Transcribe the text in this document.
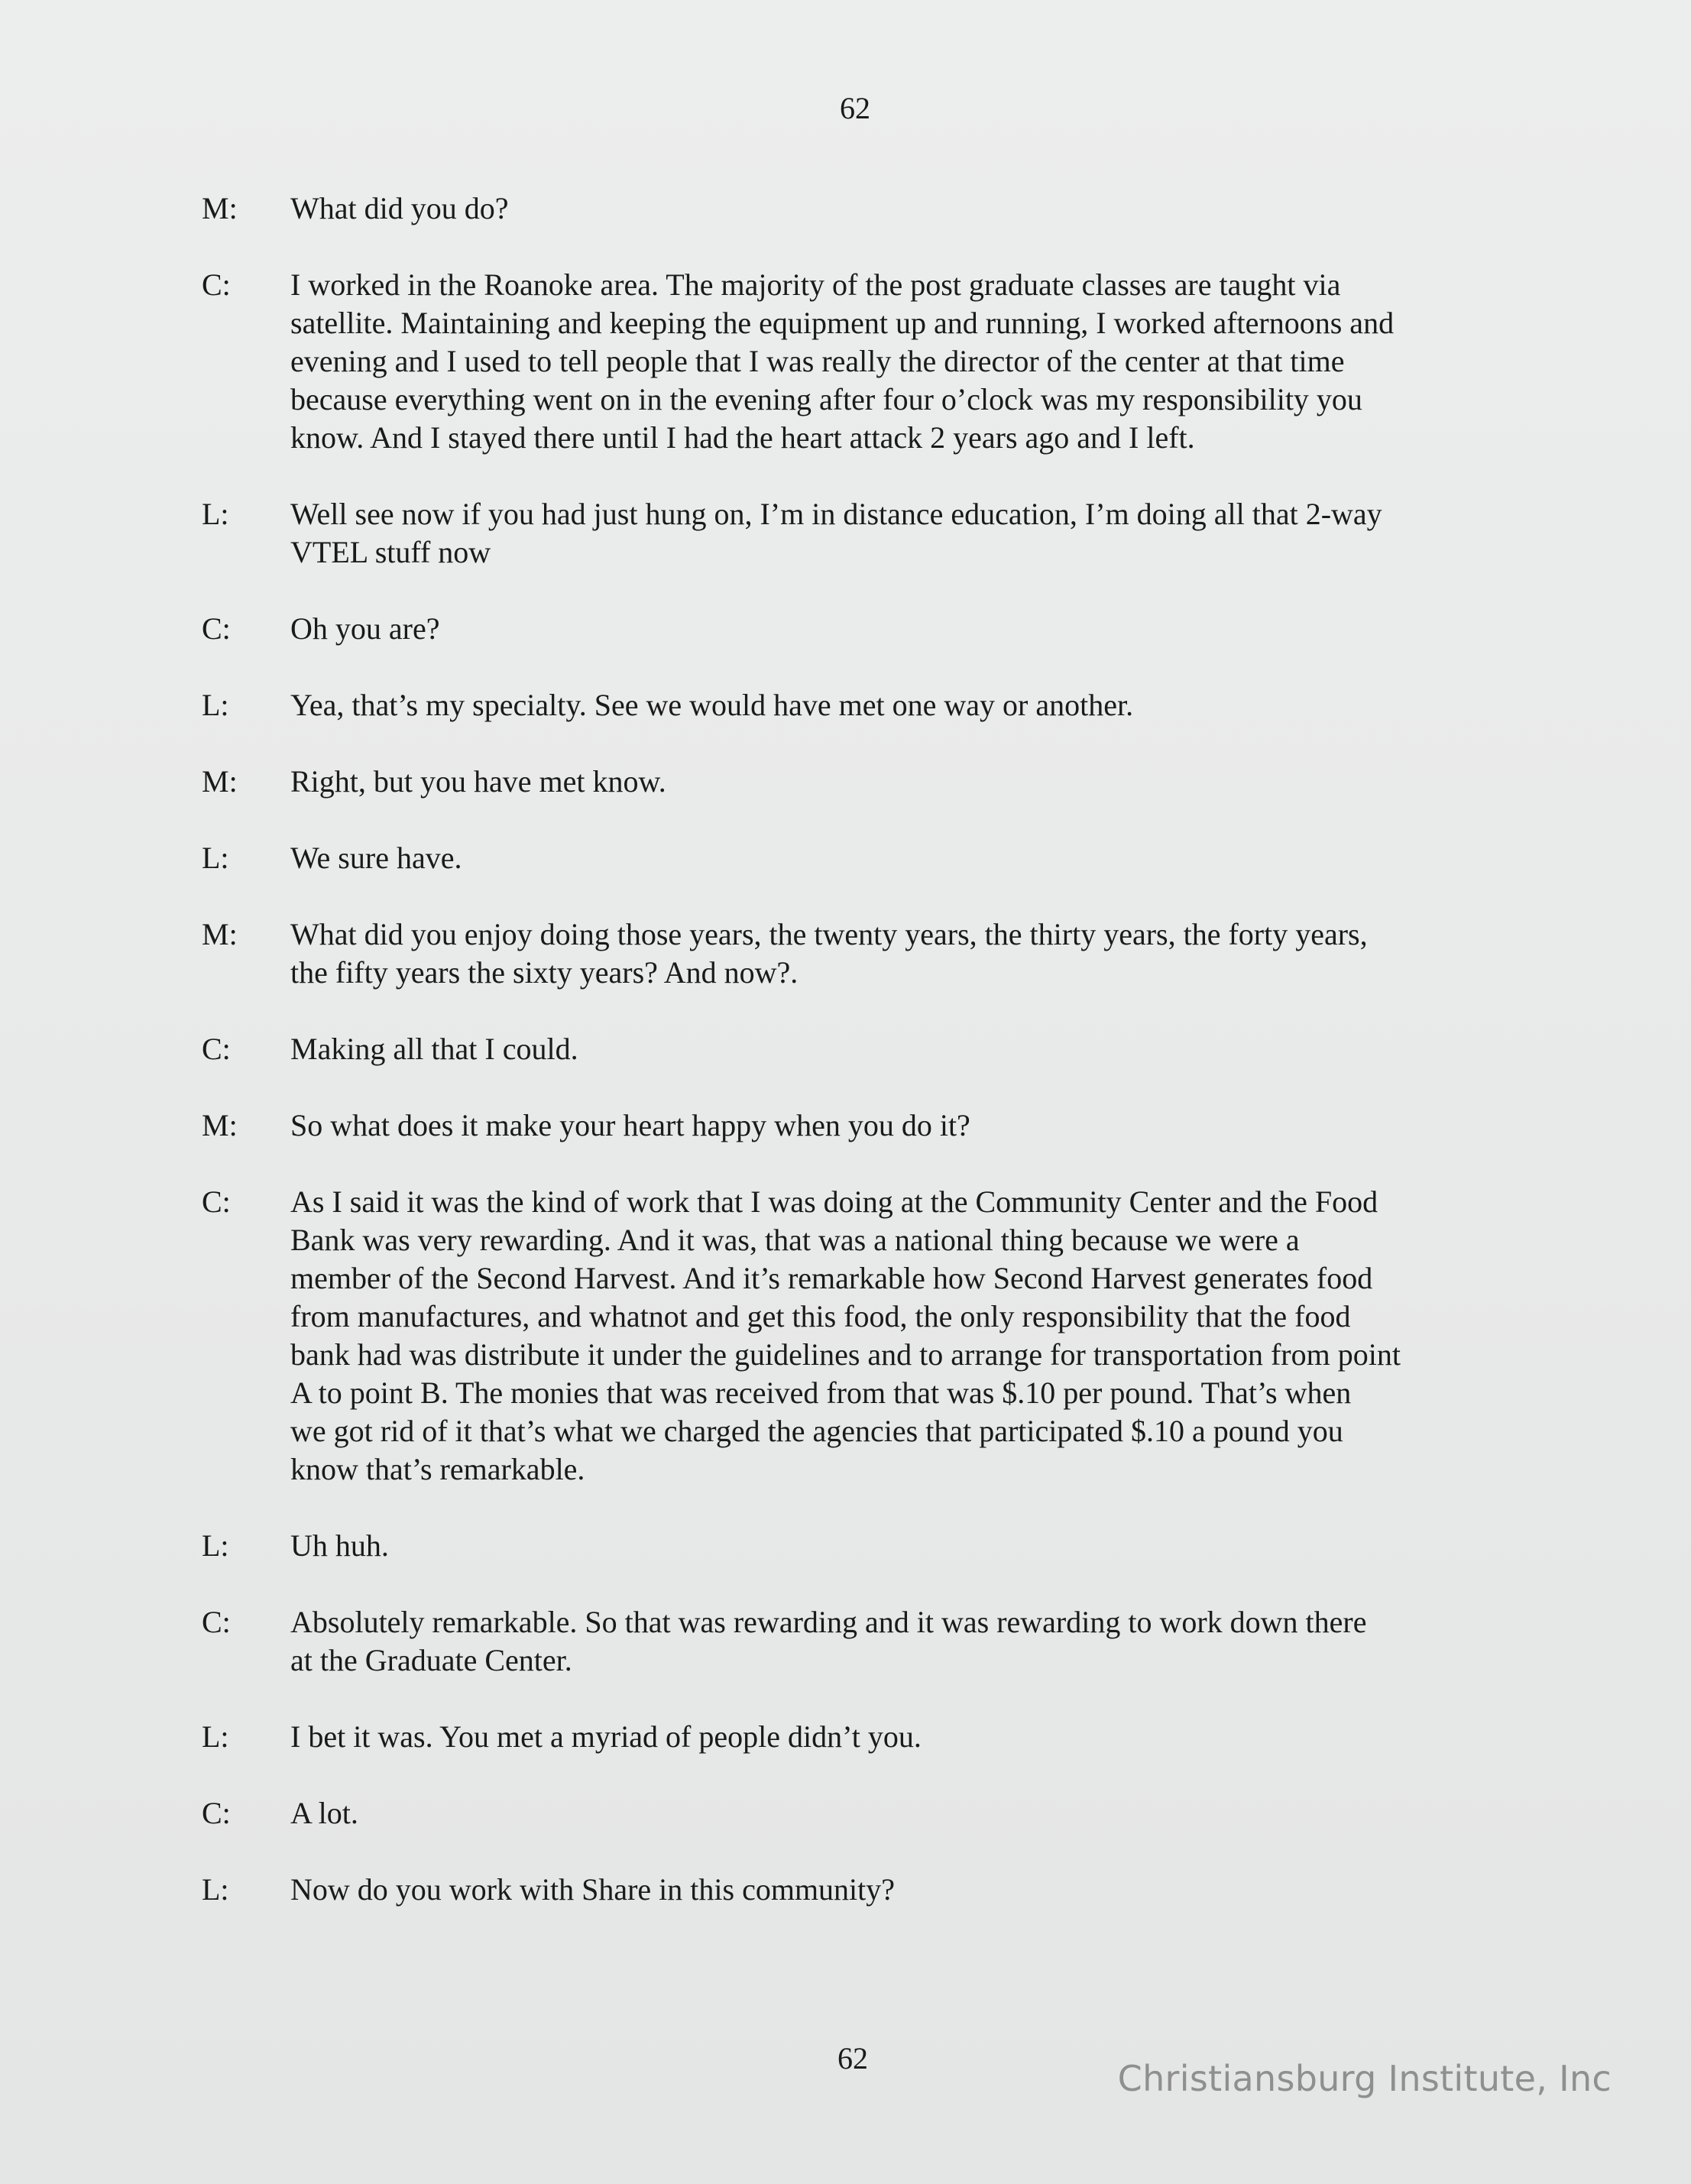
62
M:	What did you do?
C:	I worked in the Roanoke area. The majority of the post graduate classes are taught via
satellite. Maintaining and keeping the equipment up and running, I worked afternoons and
evening and I used to tell people that I was really the director of the center at that time
because everything went on in the evening after four o’clock was my responsibility you
know. And I stayed there until I had the heart attack 2 years ago and I left.
L:	Well see now if you had just hung on, I’m in distance education, I’m doing all that 2-way
VTEL stuff now
C:	Oh you are?
L:	Yea, that’s my specialty. See we would have met one way or another.
M:	Right, but you have met know.
L:	We sure have.
M:	What did you enjoy doing those years, the twenty years, the thirty years, the forty years,
the fifty years the sixty years? And now?.
C:	Making all that I could.
M:	So what does it make your heart happy when you do it?
C:	As I said it was the kind of work that I was doing at the Community Center and the Food
Bank was very rewarding. And it was, that was a national thing because we were a
member of the Second Harvest. And it’s remarkable how Second Harvest generates food
from manufactures, and whatnot and get this food, the only responsibility that the food
bank had was distribute it under the guidelines and to arrange for transportation from point
A to point B. The monies that was received from that was $.10 per pound. That’s when
we got rid of it that’s what we charged the agencies that participated $.10 a pound you
know that’s remarkable.
L:	Uh huh.
C:	Absolutely remarkable. So that was rewarding and it was rewarding to work down there
at the Graduate Center.
L:	I bet it was. You met a myriad of people didn’t you.
C:	A lot.
L:	Now do you work with Share in this community?
62	Christiansburg Institute, Inc
